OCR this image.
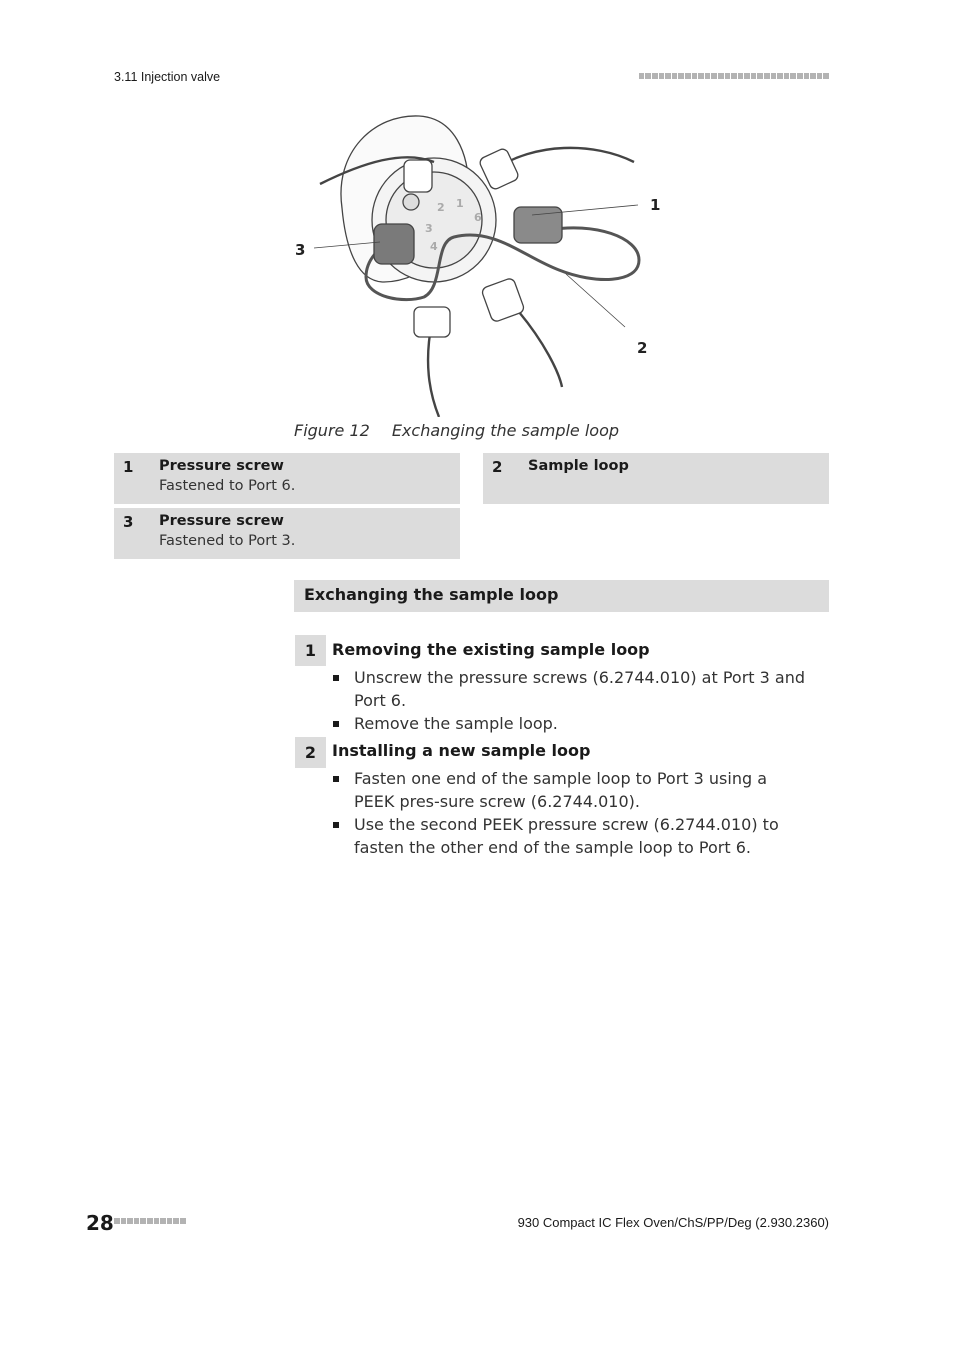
3.11 Injection valve
1
2
3
4
6
1
2
3
Figure 12 Exchanging the sample loop
1 Pressure screw
Fastened to Port 6.
2 Sample loop
3 Pressure screw
Fastened to Port 3.
Exchanging the sample loop
1 Removing the existing sample loop
Unscrew the pressure screws (6.2744.010) at Port 3 and Port 6.
Remove the sample loop.
2 Installing a new sample loop
Fasten one end of the sample loop to Port 3 using a PEEK pres-sure screw (6.2744.010).
Use the second PEEK pressure screw (6.2744.010) to fasten the other end of the sample loop to Port 6.
28	930 Compact IC Flex Oven/ChS/PP/Deg (2.930.2360)
